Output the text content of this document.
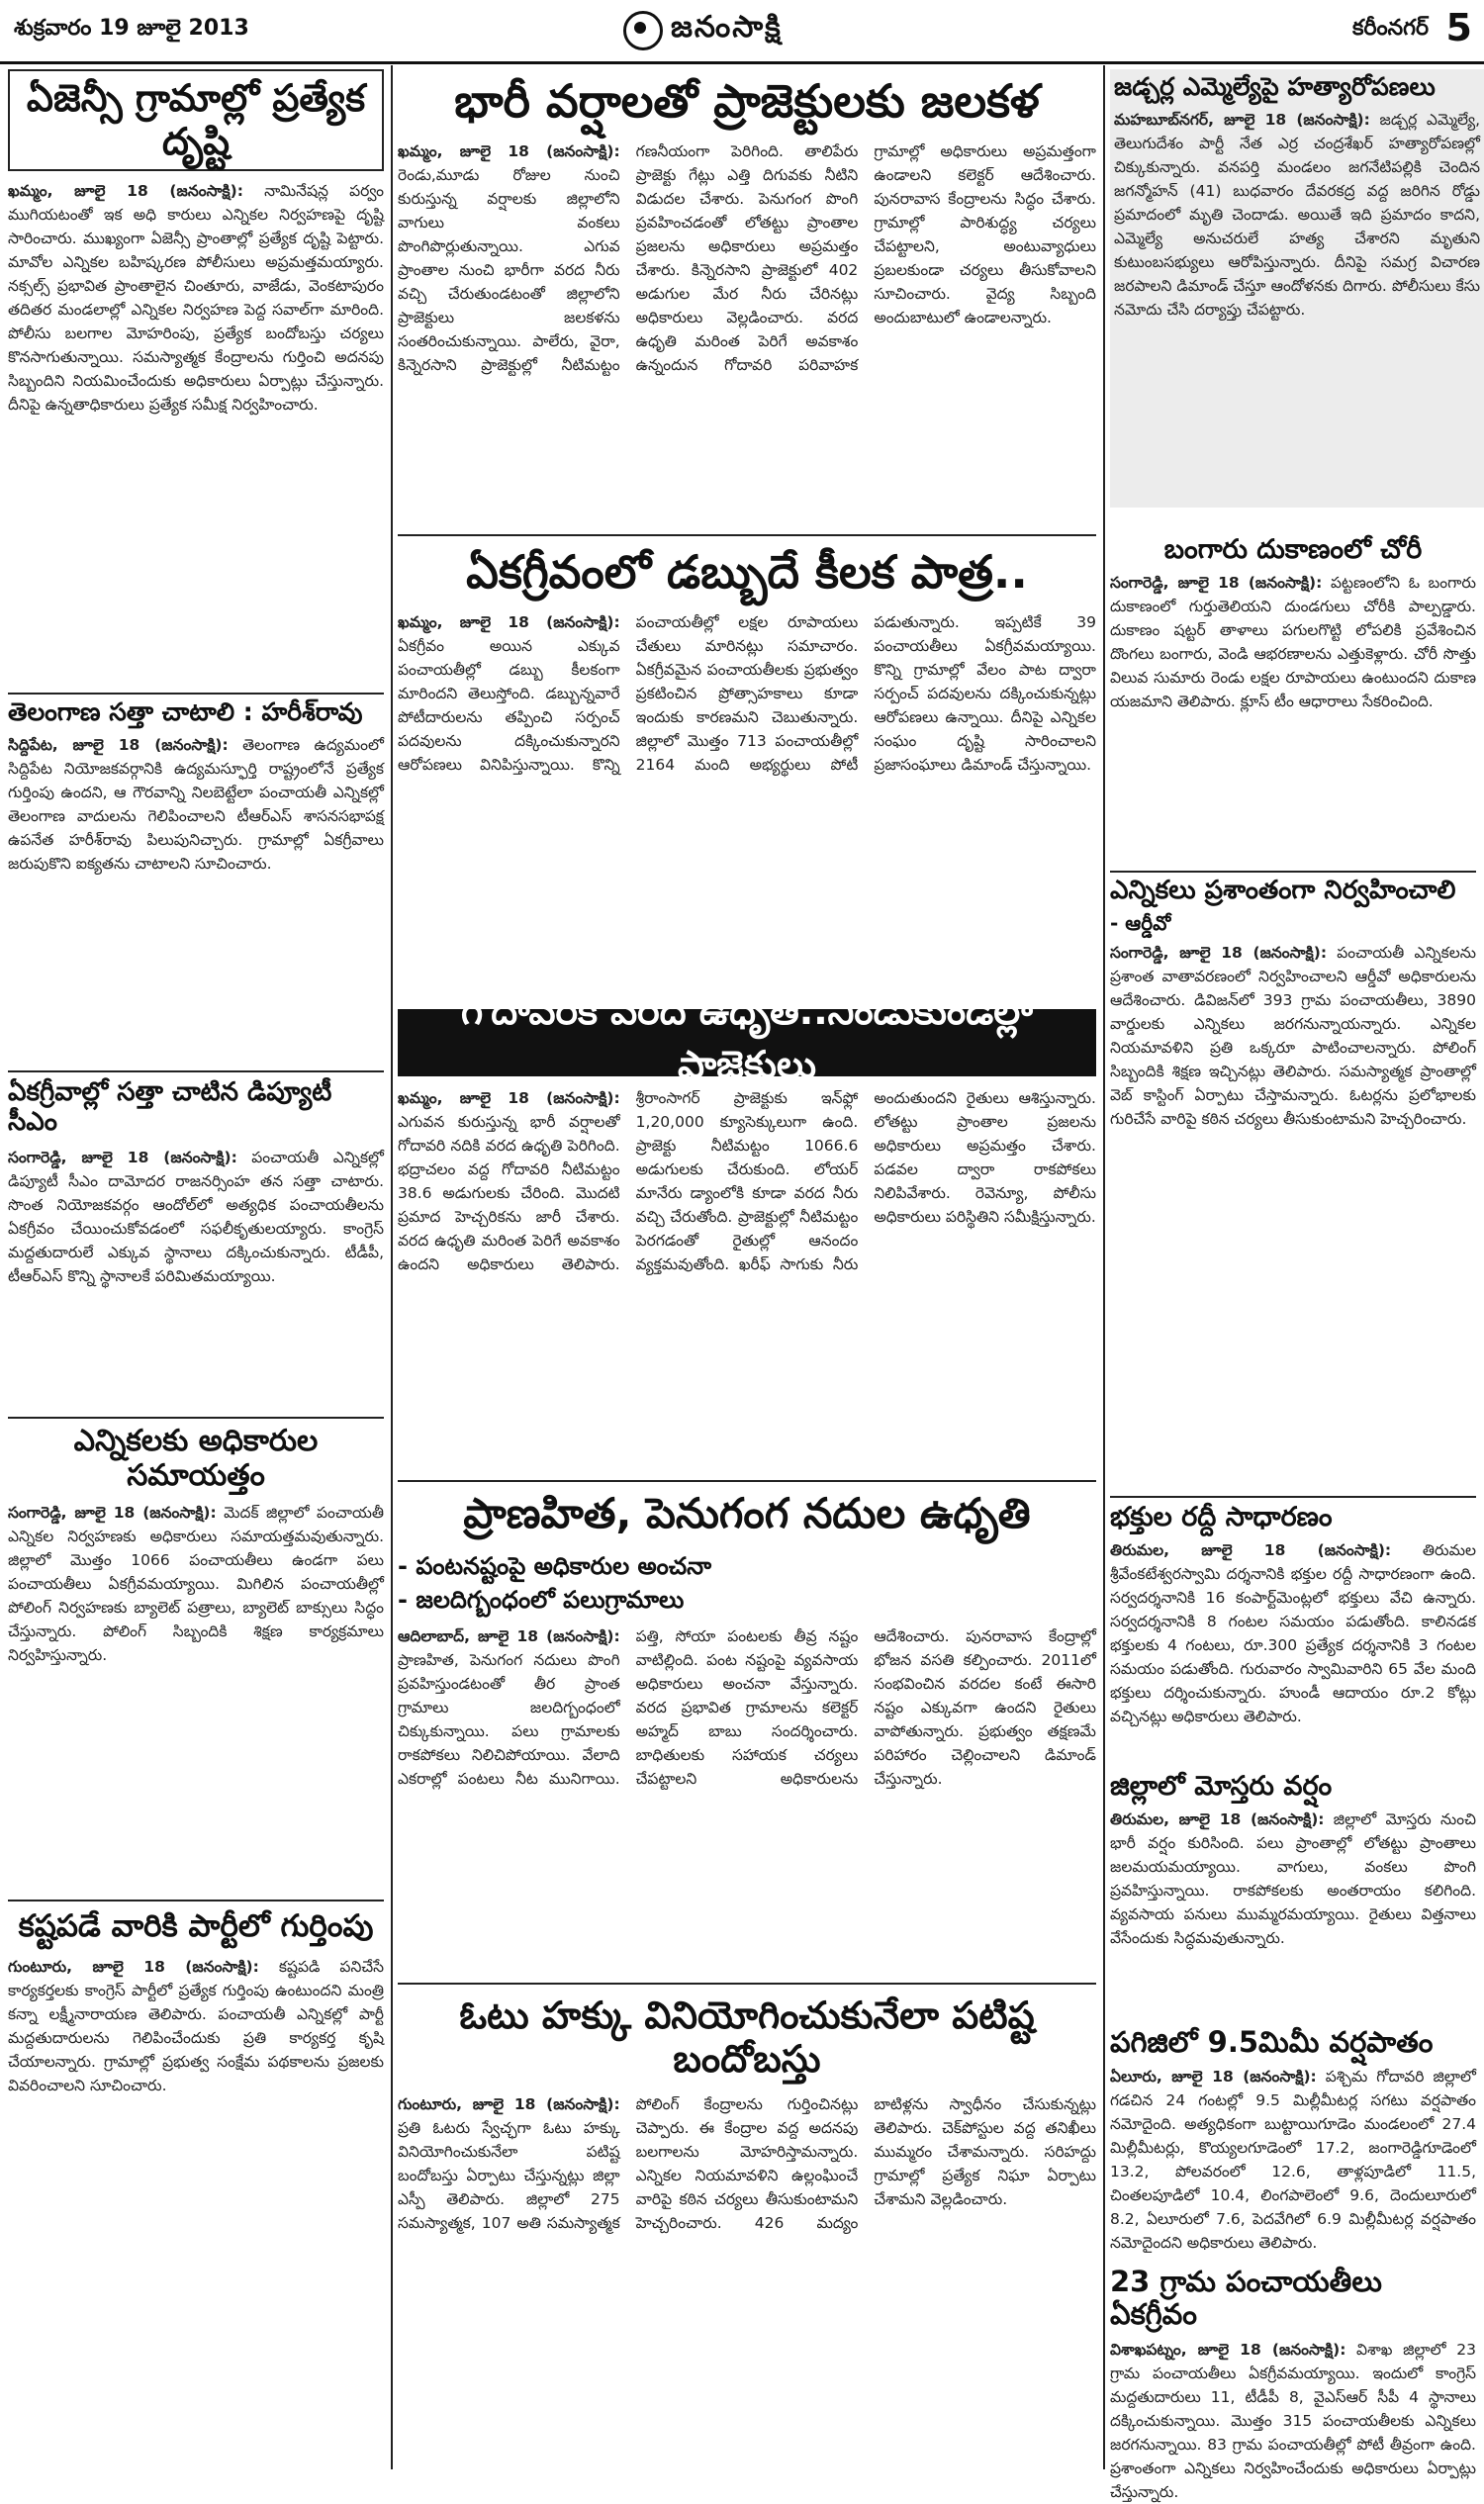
శుక్రవారం 19 జూలై 2013	జనంసాక్షి	కరీంనగర్ 5
ఏజెన్సీ గ్రామాల్లో ప్రత్యేక దృష్టి
ఖమ్మం, జూలై 18 (జనంసాక్షి): నామినేషన్ల పర్వం ముగియటంతో ఇక అధి కారులు ఎన్నికల నిర్వహణపై దృష్టి సారించారు. ముఖ్యంగా ఏజెన్సీ ప్రాంతాల్లో ప్రత్యేక దృష్టి పెట్టారు. మావోల ఎన్నికల బహిష్కరణ పోలీసులు అప్రమత్తమయ్యారు. నక్సల్స్ ప్రభావిత ప్రాంతాలైన చింతూరు, వాజేడు, వెంకటాపురం తదితర మండలాల్లో ఎన్నికల నిర్వహణ పెద్ద సవాల్‌గా మారింది. పోలీసు బలగాల మోహరింపు, ప్రత్యేక బందోబస్తు చర్యలు కొనసాగుతున్నాయి. సమస్యాత్మక కేంద్రాలను గుర్తించి అదనపు సిబ్బందిని నియమించేందుకు అధికారులు ఏర్పాట్లు చేస్తున్నారు. దీనిపై ఉన్నతాధికారులు ప్రత్యేక సమీక్ష నిర్వహించారు.
తెలంగాణ సత్తా చాటాలి : హరీశ్‌రావు
సిద్దిపేట, జూలై 18 (జనంసాక్షి): తెలంగాణ ఉద్యమంలో సిద్దిపేట నియోజకవర్గానికి ఉద్యమస్ఫూర్తి రాష్ట్రంలోనే ప్రత్యేక గుర్తింపు ఉందని, ఆ గౌరవాన్ని నిలబెట్టేలా పంచాయతీ ఎన్నికల్లో తెలంగాణ వాదులను గెలిపించాలని టీఆర్‌ఎస్ శాసనసభాపక్ష ఉపనేత హరీశ్‌రావు పిలుపునిచ్చారు. గ్రామాల్లో ఏకగ్రీవాలు జరుపుకొని ఐక్యతను చాటాలని సూచించారు.
ఏకగ్రీవాల్లో సత్తా చాటిన డిప్యూటీ సీఎం
సంగారెడ్డి, జూలై 18 (జనంసాక్షి): పంచాయతీ ఎన్నికల్లో డిప్యూటీ సీఎం దామోదర రాజనర్సింహ తన సత్తా చాటారు. సొంత నియోజకవర్గం ఆందోల్‌లో అత్యధిక పంచాయతీలను ఏకగ్రీవం చేయించుకోవడంలో సఫలీకృతులయ్యారు. కాంగ్రెస్ మద్దతుదారులే ఎక్కువ స్థానాలు దక్కించుకున్నారు. టీడీపీ, టీఆర్‌ఎస్ కొన్ని స్థానాలకే పరిమితమయ్యాయి.
ఎన్నికలకు అధికారుల సమాయత్తం
సంగారెడ్డి, జూలై 18 (జనంసాక్షి): మెదక్ జిల్లాలో పంచాయతీ ఎన్నికల నిర్వహణకు అధికారులు సమాయత్తమవుతున్నారు. జిల్లాలో మొత్తం 1066 పంచాయతీలు ఉండగా పలు పంచాయతీలు ఏకగ్రీవమయ్యాయి. మిగిలిన పంచాయతీల్లో పోలింగ్ నిర్వహణకు బ్యాలెట్ పత్రాలు, బ్యాలెట్ బాక్సులు సిద్ధం చేస్తున్నారు. పోలింగ్ సిబ్బందికి శిక్షణ కార్యక్రమాలు నిర్వహిస్తున్నారు.
కష్టపడే వారికి పార్టీలో గుర్తింపు
గుంటూరు, జూలై 18 (జనంసాక్షి): కష్టపడి పనిచేసే కార్యకర్తలకు కాంగ్రెస్ పార్టీలో ప్రత్యేక గుర్తింపు ఉంటుందని మంత్రి కన్నా లక్ష్మీనారాయణ తెలిపారు. పంచాయతీ ఎన్నికల్లో పార్టీ మద్దతుదారులను గెలిపించేందుకు ప్రతి కార్యకర్త కృషి చేయాలన్నారు. గ్రామాల్లో ప్రభుత్వ సంక్షేమ పథకాలను ప్రజలకు వివరించాలని సూచించారు.
భారీ వర్షాలతో ప్రాజెక్టులకు జలకళ
ఖమ్మం, జూలై 18 (జనంసాక్షి): రెండు,మూడు రోజుల నుంచి కురుస్తున్న వర్షాలకు జిల్లాలోని వాగులు వంకలు పొంగిపొర్లుతున్నాయి. ఎగువ ప్రాంతాల నుంచి భారీగా వరద నీరు వచ్చి చేరుతుండటంతో జిల్లాలోని ప్రాజెక్టులు జలకళను సంతరించుకున్నాయి. పాలేరు, వైరా, కిన్నెరసాని ప్రాజెక్టుల్లో నీటిమట్టం గణనీయంగా పెరిగింది. తాలిపేరు ప్రాజెక్టు గేట్లు ఎత్తి దిగువకు నీటిని విడుదల చేశారు. పెనుగంగ పొంగి ప్రవహించడంతో లోతట్టు ప్రాంతాల ప్రజలను అధికారులు అప్రమత్తం చేశారు. కిన్నెరసాని ప్రాజెక్టులో 402 అడుగుల మేర నీరు చేరినట్లు అధికారులు వెల్లడించారు. వరద ఉధృతి మరింత పెరిగే అవకాశం ఉన్నందున గోదావరి పరివాహక గ్రామాల్లో అధికారులు అప్రమత్తంగా ఉండాలని కలెక్టర్ ఆదేశించారు. పునరావాస కేంద్రాలను సిద్ధం చేశారు. గ్రామాల్లో పారిశుద్ధ్య చర్యలు చేపట్టాలని, అంటువ్యాధులు ప్రబలకుండా చర్యలు తీసుకోవాలని సూచించారు. వైద్య సిబ్బంది అందుబాటులో ఉండాలన్నారు.
ఏకగ్రీవంలో డబ్బుదే కీలక పాత్ర..
ఖమ్మం, జూలై 18 (జనంసాక్షి): ఏకగ్రీవం అయిన ఎక్కువ పంచాయతీల్లో డబ్బు కీలకంగా మారిందని తెలుస్తోంది. డబ్బున్నవారే పోటీదారులను తప్పించి సర్పంచ్ పదవులను దక్కించుకున్నారని ఆరోపణలు వినిపిస్తున్నాయి. కొన్ని పంచాయతీల్లో లక్షల రూపాయలు చేతులు మారినట్లు సమాచారం. ఏకగ్రీవమైన పంచాయతీలకు ప్రభుత్వం ప్రకటించిన ప్రోత్సాహకాలు కూడా ఇందుకు కారణమని చెబుతున్నారు. జిల్లాలో మొత్తం 713 పంచాయతీల్లో 2164 మంది అభ్యర్థులు పోటీ పడుతున్నారు. ఇప్పటికే 39 పంచాయతీలు ఏకగ్రీవమయ్యాయి. కొన్ని గ్రామాల్లో వేలం పాట ద్వారా సర్పంచ్ పదవులను దక్కించుకున్నట్లు ఆరోపణలు ఉన్నాయి. దీనిపై ఎన్నికల సంఘం దృష్టి సారించాలని ప్రజాసంఘాలు డిమాండ్ చేస్తున్నాయి.
గోదావరికి వరద ఉధృతి..నిండుకుండల్లా ప్రాజెక్టులు
ఖమ్మం, జూలై 18 (జనంసాక్షి): ఎగువన కురుస్తున్న భారీ వర్షాలతో గోదావరి నదికి వరద ఉధృతి పెరిగింది. భద్రాచలం వద్ద గోదావరి నీటిమట్టం 38.6 అడుగులకు చేరింది. మొదటి ప్రమాద హెచ్చరికను జారీ చేశారు. వరద ఉధృతి మరింత పెరిగే అవకాశం ఉందని అధికారులు తెలిపారు. శ్రీరాంసాగర్ ప్రాజెక్టుకు ఇన్‌ఫ్లో 1,20,000 క్యూసెక్కులుగా ఉంది. ప్రాజెక్టు నీటిమట్టం 1066.6 అడుగులకు చేరుకుంది. లోయర్ మానేరు డ్యాంలోకి కూడా వరద నీరు వచ్చి చేరుతోంది. ప్రాజెక్టుల్లో నీటిమట్టం పెరగడంతో రైతుల్లో ఆనందం వ్యక్తమవుతోంది. ఖరీఫ్ సాగుకు నీరు అందుతుందని రైతులు ఆశిస్తున్నారు. లోతట్టు ప్రాంతాల ప్రజలను అధికారులు అప్రమత్తం చేశారు. పడవల ద్వారా రాకపోకలు నిలిపివేశారు. రెవెన్యూ, పోలీసు అధికారులు పరిస్థితిని సమీక్షిస్తున్నారు.
ప్రాణహిత, పెనుగంగ నదుల ఉధృతి
- పంటనష్టంపై అధికారుల అంచనా
- జలదిగ్బంధంలో పలుగ్రామాలు
ఆదిలాబాద్, జూలై 18 (జనంసాక్షి): ప్రాణహిత, పెనుగంగ నదులు పొంగి ప్రవహిస్తుండటంతో తీర ప్రాంత గ్రామాలు జలదిగ్బంధంలో చిక్కుకున్నాయి. పలు గ్రామాలకు రాకపోకలు నిలిచిపోయాయి. వేలాది ఎకరాల్లో పంటలు నీట మునిగాయి. పత్తి, సోయా పంటలకు తీవ్ర నష్టం వాటిల్లింది. పంట నష్టంపై వ్యవసాయ అధికారులు అంచనా వేస్తున్నారు. వరద ప్రభావిత గ్రామాలను కలెక్టర్ అహ్మద్ బాబు సందర్శించారు. బాధితులకు సహాయక చర్యలు చేపట్టాలని అధికారులను ఆదేశించారు. పునరావాస కేంద్రాల్లో భోజన వసతి కల్పించారు. 2011లో సంభవించిన వరదల కంటే ఈసారి నష్టం ఎక్కువగా ఉందని రైతులు వాపోతున్నారు. ప్రభుత్వం తక్షణమే పరిహారం చెల్లించాలని డిమాండ్ చేస్తున్నారు.
ఓటు హక్కు వినియోగించుకునేలా పటిష్ట బందోబస్తు
గుంటూరు, జూలై 18 (జనంసాక్షి): ప్రతి ఓటరు స్వేచ్ఛగా ఓటు హక్కు వినియోగించుకునేలా పటిష్ట బందోబస్తు ఏర్పాటు చేస్తున్నట్లు జిల్లా ఎస్పీ తెలిపారు. జిల్లాలో 275 సమస్యాత్మక, 107 అతి సమస్యాత్మక పోలింగ్ కేంద్రాలను గుర్తించినట్లు చెప్పారు. ఈ కేంద్రాల వద్ద అదనపు బలగాలను మోహరిస్తామన్నారు. ఎన్నికల నియమావళిని ఉల్లంఘించే వారిపై కఠిన చర్యలు తీసుకుంటామని హెచ్చరించారు. 426 మద్యం బాటిళ్లను స్వాధీనం చేసుకున్నట్లు తెలిపారు. చెక్‌పోస్టుల వద్ద తనిఖీలు ముమ్మరం చేశామన్నారు. సరిహద్దు గ్రామాల్లో ప్రత్యేక నిఘా ఏర్పాటు చేశామని వెల్లడించారు.
జడ్చర్ల ఎమ్మెల్యేపై హత్యారోపణలు
మహబూబ్‌నగర్, జూలై 18 (జనంసాక్షి): జడ్చర్ల ఎమ్మెల్యే, తెలుగుదేశం పార్టీ నేత ఎర్ర చంద్రశేఖర్ హత్యారోపణల్లో చిక్కుకున్నారు. వనపర్తి మండలం జగనేటిపల్లికి చెందిన జగన్మోహన్ (41) బుధవారం దేవరకద్ర వద్ద జరిగిన రోడ్డు ప్రమాదంలో మృతి చెందాడు. అయితే ఇది ప్రమాదం కాదని, ఎమ్మెల్యే అనుచరులే హత్య చేశారని మృతుని కుటుంబసభ్యులు ఆరోపిస్తున్నారు. దీనిపై సమగ్ర విచారణ జరపాలని డిమాండ్ చేస్తూ ఆందోళనకు దిగారు. పోలీసులు కేసు నమోదు చేసి దర్యాప్తు చేపట్టారు.
బంగారు దుకాణంలో చోరీ
సంగారెడ్డి, జూలై 18 (జనంసాక్షి): పట్టణంలోని ఓ బంగారు దుకాణంలో గుర్తుతెలియని దుండగులు చోరీకి పాల్పడ్డారు. దుకాణం షట్టర్ తాళాలు పగులగొట్టి లోపలికి ప్రవేశించిన దొంగలు బంగారు, వెండి ఆభరణాలను ఎత్తుకెళ్లారు. చోరీ సొత్తు విలువ సుమారు రెండు లక్షల రూపాయలు ఉంటుందని దుకాణ యజమాని తెలిపారు. క్లూస్ టీం ఆధారాలు సేకరించింది.
ఎన్నికలు ప్రశాంతంగా నిర్వహించాలి
- ఆర్డీవో
సంగారెడ్డి, జూలై 18 (జనంసాక్షి): పంచాయతీ ఎన్నికలను ప్రశాంత వాతావరణంలో నిర్వహించాలని ఆర్డీవో అధికారులను ఆదేశించారు. డివిజన్‌లో 393 గ్రామ పంచాయతీలు, 3890 వార్డులకు ఎన్నికలు జరగనున్నాయన్నారు. ఎన్నికల నియమావళిని ప్రతి ఒక్కరూ పాటించాలన్నారు. పోలింగ్ సిబ్బందికి శిక్షణ ఇచ్చినట్లు తెలిపారు. సమస్యాత్మక ప్రాంతాల్లో వెబ్ కాస్టింగ్ ఏర్పాటు చేస్తామన్నారు. ఓటర్లను ప్రలోభాలకు గురిచేసే వారిపై కఠిన చర్యలు తీసుకుంటామని హెచ్చరించారు.
భక్తుల రద్దీ సాధారణం
తిరుమల, జూలై 18 (జనంసాక్షి): తిరుమల శ్రీవేంకటేశ్వరస్వామి దర్శనానికి భక్తుల రద్దీ సాధారణంగా ఉంది. సర్వదర్శనానికి 16 కంపార్ట్‌మెంట్లలో భక్తులు వేచి ఉన్నారు. సర్వదర్శనానికి 8 గంటల సమయం పడుతోంది. కాలినడక భక్తులకు 4 గంటలు, రూ.300 ప్రత్యేక దర్శనానికి 3 గంటల సమయం పడుతోంది. గురువారం స్వామివారిని 65 వేల మంది భక్తులు దర్శించుకున్నారు. హుండీ ఆదాయం రూ.2 కోట్లు వచ్చినట్లు అధికారులు తెలిపారు.
జిల్లాలో మోస్తరు వర్షం
తిరుమల, జూలై 18 (జనంసాక్షి): జిల్లాలో మోస్తరు నుంచి భారీ వర్షం కురిసింది. పలు ప్రాంతాల్లో లోతట్టు ప్రాంతాలు జలమయమయ్యాయి. వాగులు, వంకలు పొంగి ప్రవహిస్తున్నాయి. రాకపోకలకు అంతరాయం కలిగింది. వ్యవసాయ పనులు ముమ్మరమయ్యాయి. రైతులు విత్తనాలు వేసేందుకు సిద్ధమవుతున్నారు.
పగిజిలో 9.5మిమీ వర్షపాతం
ఏలూరు, జూలై 18 (జనంసాక్షి): పశ్చిమ గోదావరి జిల్లాలో గడచిన 24 గంటల్లో 9.5 మిల్లీమీటర్ల సగటు వర్షపాతం నమోదైంది. అత్యధికంగా బుట్టాయిగూడెం మండలంలో 27.4 మిల్లీమీటర్లు, కొయ్యలగూడెంలో 17.2, జంగారెడ్డిగూడెంలో 13.2, పోలవరంలో 12.6, తాళ్లపూడిలో 11.5, చింతలపూడిలో 10.4, లింగపాలెంలో 9.6, దెందులూరులో 8.2, ఏలూరులో 7.6, పెదవేగిలో 6.9 మిల్లీమీటర్ల వర్షపాతం నమోదైందని అధికారులు తెలిపారు.
23 గ్రామ పంచాయతీలు ఏకగ్రీవం
విశాఖపట్నం, జూలై 18 (జనంసాక్షి): విశాఖ జిల్లాలో 23 గ్రామ పంచాయతీలు ఏకగ్రీవమయ్యాయి. ఇందులో కాంగ్రెస్ మద్దతుదారులు 11, టీడీపీ 8, వైఎస్‌ఆర్ సీపీ 4 స్థానాలు దక్కించుకున్నాయి. మొత్తం 315 పంచాయతీలకు ఎన్నికలు జరగనున్నాయి. 83 గ్రామ పంచాయతీల్లో పోటీ తీవ్రంగా ఉంది. ప్రశాంతంగా ఎన్నికలు నిర్వహించేందుకు అధికారులు ఏర్పాట్లు చేస్తున్నారు.
